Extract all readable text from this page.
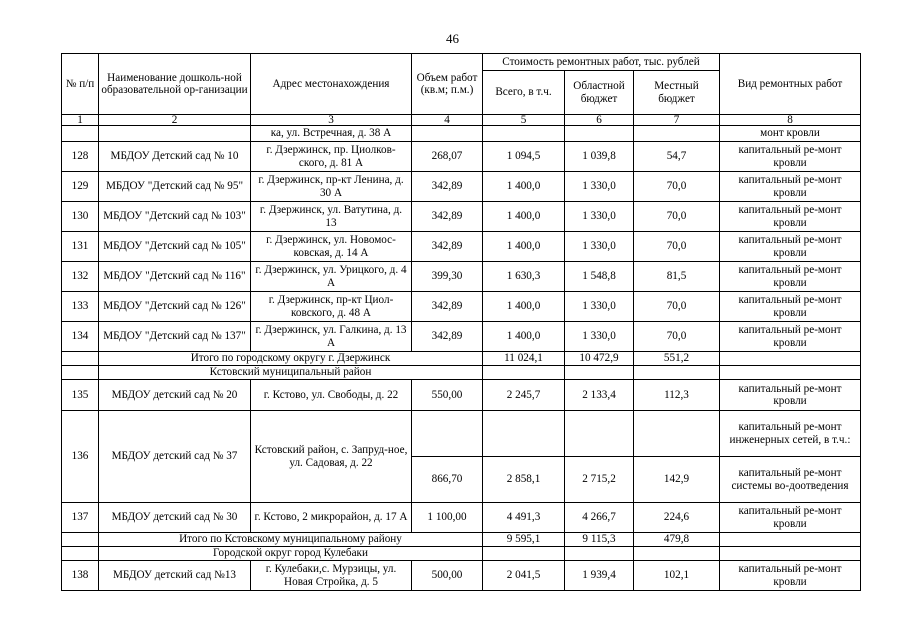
46
№ п/п	Наименование дошколь-ной образовательной ор-ганизации	Адрес местонахождения	Объем работ (кв.м; п.м.)	Стоимость ремонтных работ, тыс. рублей			Вид ремонтных работ
				Всего, в т.ч.	Областной бюджет	Местный бюджет	
1	2	3	4	5	6	7	8
		ка, ул. Встречная, д. 38 А					монт кровли
128	МБДОУ Детский сад № 10	г. Дзержинск, пр. Циолков-ского, д. 81 А	268,07	1 094,5	1 039,8	54,7	капитальный ре-монт кровли
129	МБДОУ "Детский сад № 95"	г. Дзержинск, пр-кт Ленина, д. 30 А	342,89	1 400,0	1 330,0	70,0	капитальный ре-монт кровли
130	МБДОУ "Детский сад № 103"	г. Дзержинск, ул. Ватутина, д. 13	342,89	1 400,0	1 330,0	70,0	капитальный ре-монт кровли
131	МБДОУ "Детский сад № 105"	г. Дзержинск, ул. Новомос-ковская, д. 14 А	342,89	1 400,0	1 330,0	70,0	капитальный ре-монт кровли
132	МБДОУ "Детский сад № 116"	г. Дзержинск, ул. Урицкого, д. 4 А	399,30	1 630,3	1 548,8	81,5	капитальный ре-монт кровли
133	МБДОУ "Детский сад № 126"	г. Дзержинск, пр-кт Циол-ковского, д. 48 А	342,89	1 400,0	1 330,0	70,0	капитальный ре-монт кровли
134	МБДОУ "Детский сад № 137"	г. Дзержинск, ул. Галкина, д. 13 А	342,89	1 400,0	1 330,0	70,0	капитальный ре-монт кровли
	Итого по городскому округу г. Дзержинск			11 024,1	10 472,9	551,2	
	Кстовский муниципальный район						
135	МБДОУ детский сад № 20	г. Кстово, ул. Свободы, д. 22	550,00	2 245,7	2 133,4	112,3	капитальный ре-монт кровли
136	МБДОУ детский сад № 37	Кстовский район, с. Запруд-ное, ул. Садовая, д. 22					капитальный ре-монт инженерных сетей, в т.ч.:
			866,70	2 858,1	2 715,2	142,9	капитальный ре-монт системы во-доотведения
137	МБДОУ детский сад № 30	г. Кстово, 2 микрорайон, д. 17 А	1 100,00	4 491,3	4 266,7	224,6	капитальный ре-монт кровли
	Итого по Кстовскому муниципальному району			9 595,1	9 115,3	479,8	
	Городской округ город Кулебаки						
138	МБДОУ детский сад №13	г. Кулебаки,с. Мурзицы, ул. Новая Стройка, д. 5	500,00	2 041,5	1 939,4	102,1	капитальный ре-монт кровли
